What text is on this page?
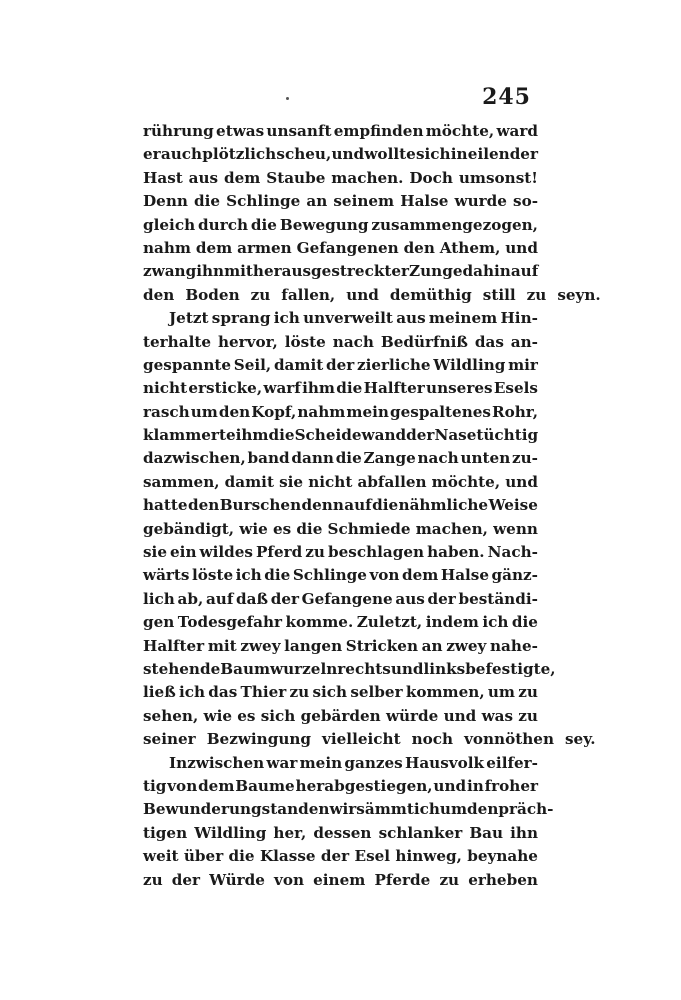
245
rührung etwas unsanft empfinden möchte, ward
er auch plötzlich scheu, und wollte sich in eilender
Hast aus dem Staube machen. Doch umsonst!
Denn die Schlinge an seinem Halse wurde so-
gleich durch die Bewegung zusammengezogen,
nahm dem armen Gefangenen den Athem, und
zwang ihn mit herausgestreckter Zunge dahin auf
den Boden zu fallen, und demüthig still zu seyn.
Jetzt sprang ich unverweilt aus meinem Hin-
terhalte hervor, löste nach Bedürfniß das an-
gespannte Seil, damit der zierliche Wildling mir
nicht ersticke, warf ihm die Halfter unseres Esels
rasch um den Kopf, nahm mein gespaltenes Rohr,
klammerte ihm die Scheidewand der Nase tüchtig
dazwischen, band dann die Zange nach unten zu-
sammen, damit sie nicht abfallen möchte, und
hatte den Burschen denn auf die nähmliche Weise
gebändigt, wie es die Schmiede machen, wenn
sie ein wildes Pferd zu beschlagen haben. Nach-
wärts löste ich die Schlinge von dem Halse gänz-
lich ab, auf daß der Gefangene aus der beständi-
gen Todesgefahr komme. Zuletzt, indem ich die
Halfter mit zwey langen Stricken an zwey nahe-
stehende Baumwurzeln rechts und links befestigte,
ließ ich das Thier zu sich selber kommen, um zu
sehen, wie es sich gebärden würde und was zu
seiner Bezwingung vielleicht noch vonnöthen sey.
Inzwischen war mein ganzes Hausvolk eilfer-
tig von dem Baume herabgestiegen, und in froher
Bewunderung standen wir sämmtich um den präch-
tigen Wildling her, dessen schlanker Bau ihn
weit über die Klasse der Esel hinweg, beynahe
zu der Würde von einem Pferde zu erheben
